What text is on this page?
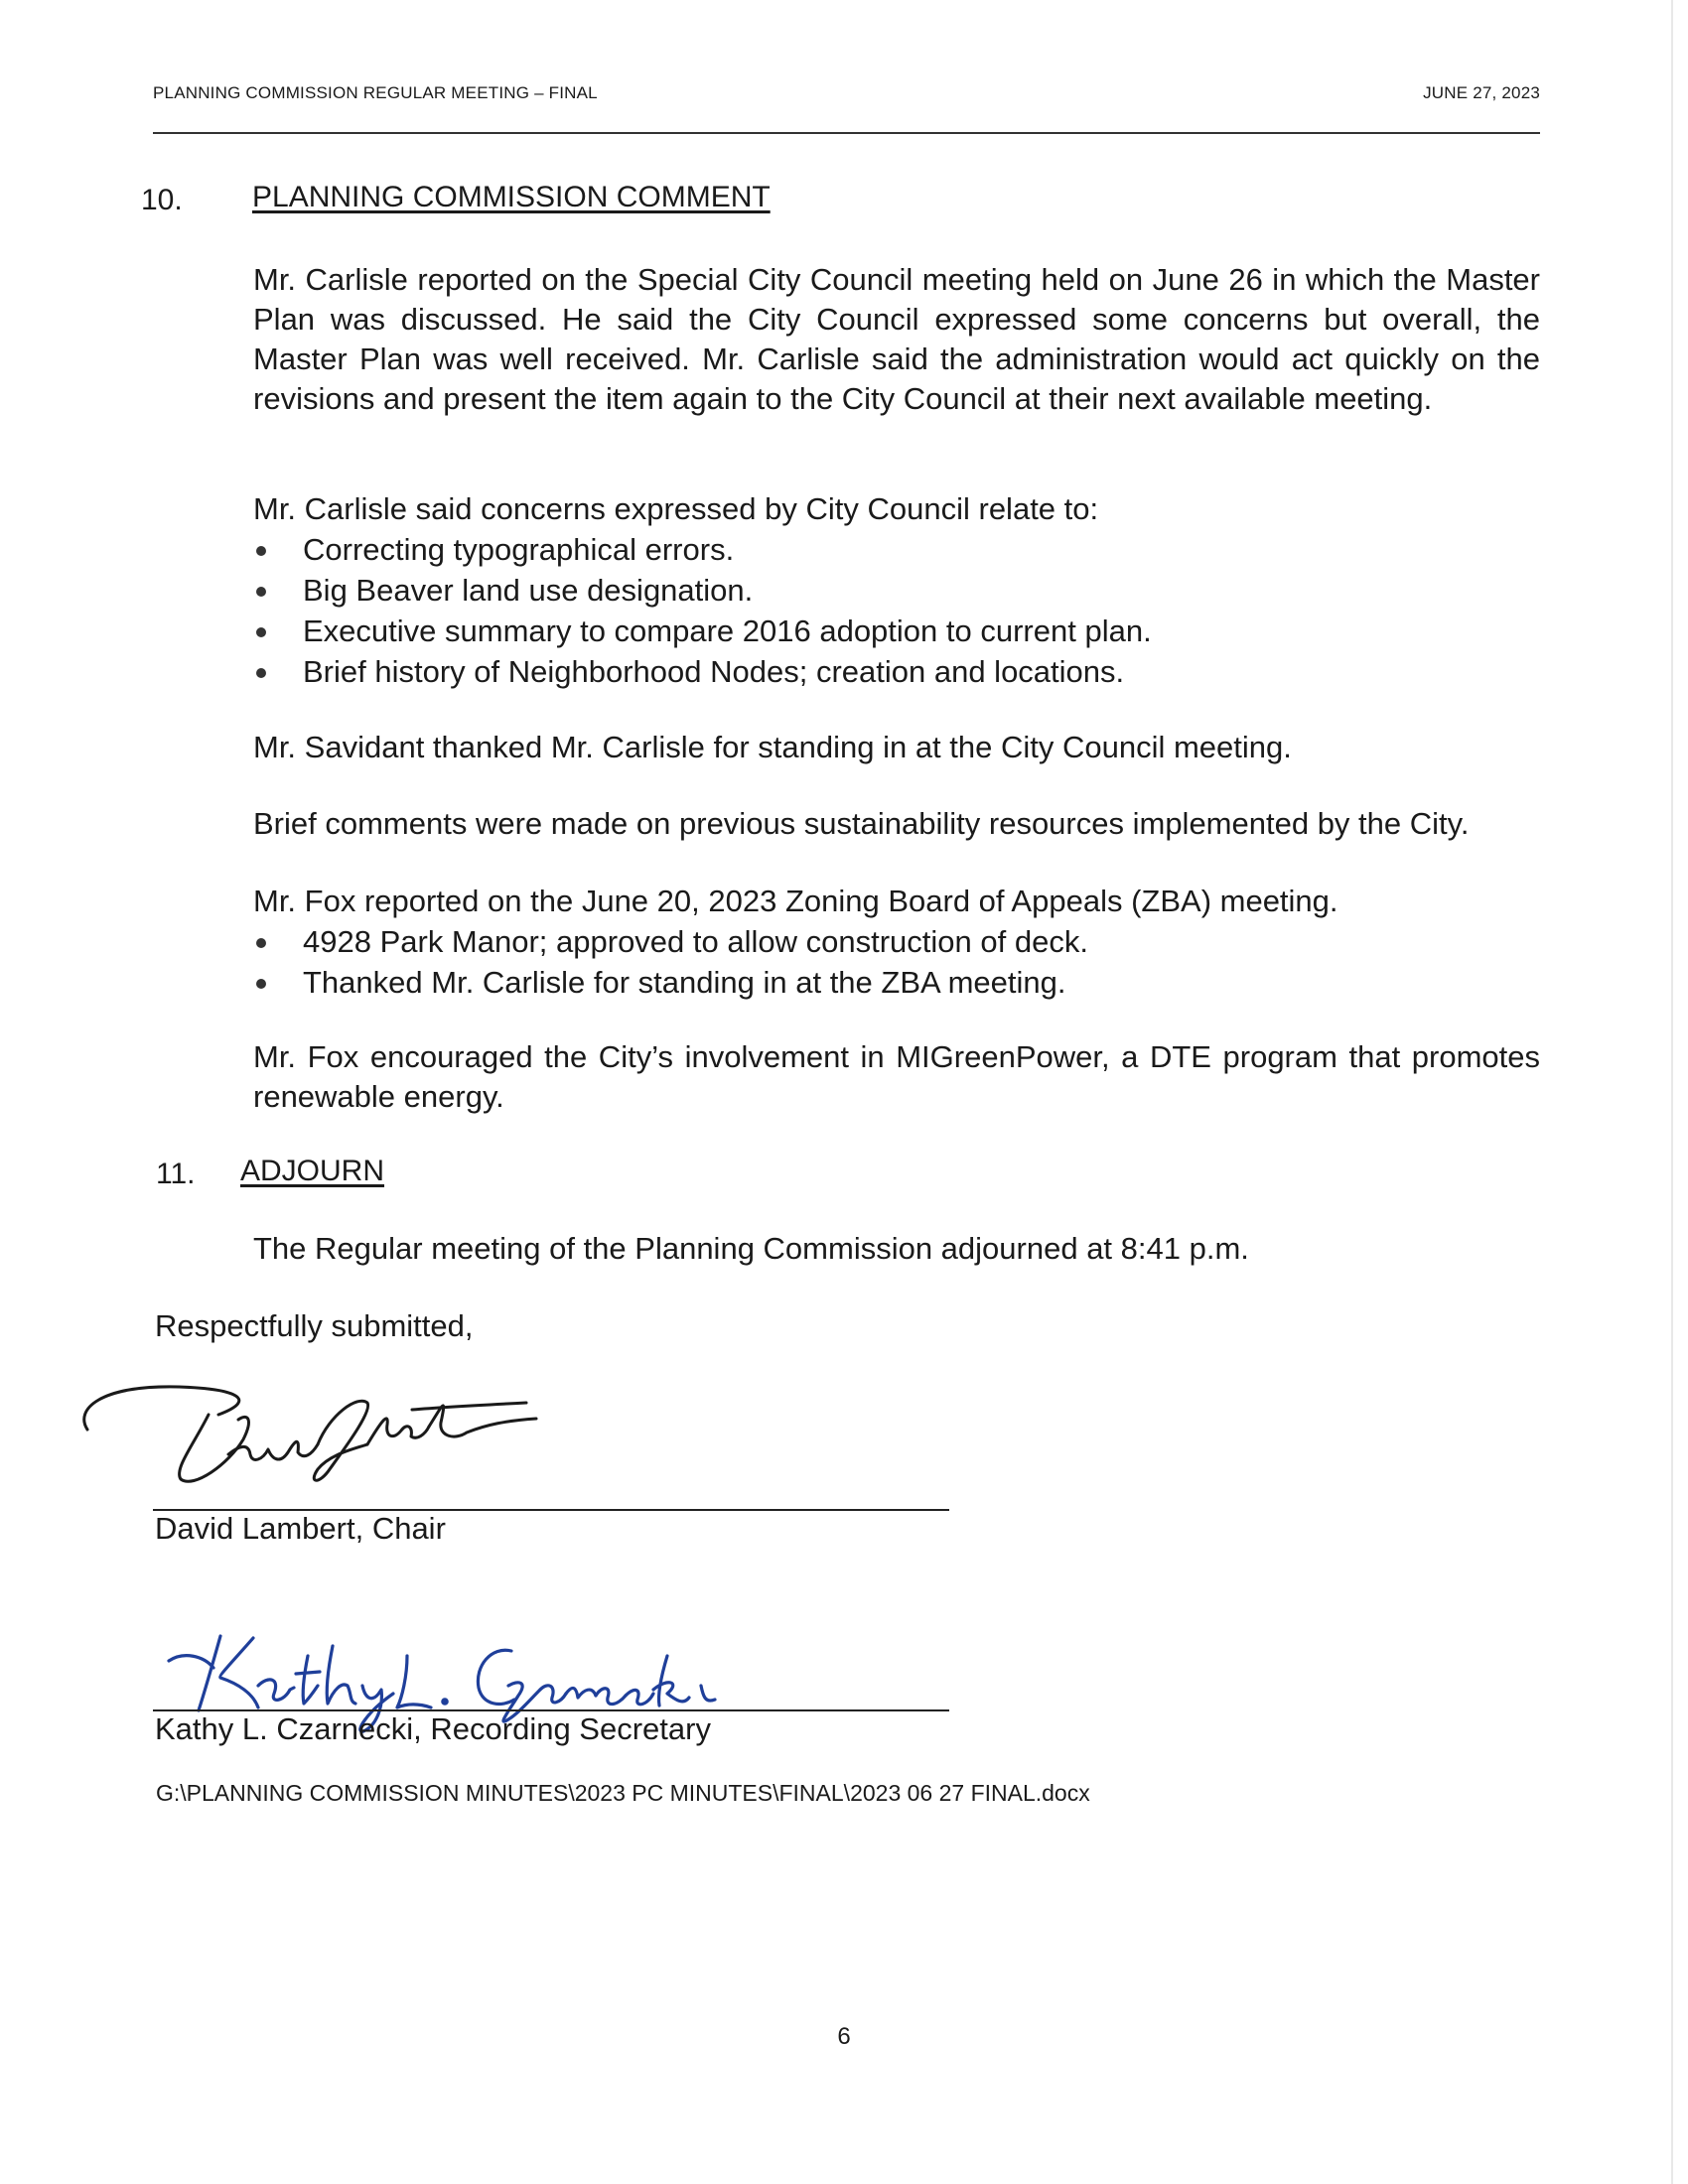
PLANNING COMMISSION REGULAR MEETING – FINAL	JUNE 27, 2023
10. PLANNING COMMISSION COMMENT
Mr. Carlisle reported on the Special City Council meeting held on June 26 in which the Master Plan was discussed. He said the City Council expressed some concerns but overall, the Master Plan was well received. Mr. Carlisle said the administration would act quickly on the revisions and present the item again to the City Council at their next available meeting.
Mr. Carlisle said concerns expressed by City Council relate to:
Correcting typographical errors.
Big Beaver land use designation.
Executive summary to compare 2016 adoption to current plan.
Brief history of Neighborhood Nodes; creation and locations.
Mr. Savidant thanked Mr. Carlisle for standing in at the City Council meeting.
Brief comments were made on previous sustainability resources implemented by the City.
Mr. Fox reported on the June 20, 2023 Zoning Board of Appeals (ZBA) meeting.
4928 Park Manor; approved to allow construction of deck.
Thanked Mr. Carlisle for standing in at the ZBA meeting.
Mr. Fox encouraged the City’s involvement in MIGreenPower, a DTE program that promotes renewable energy.
11. ADJOURN
The Regular meeting of the Planning Commission adjourned at 8:41 p.m.
Respectfully submitted,
David Lambert, Chair
Kathy L. Czarnecki, Recording Secretary
G:\PLANNING COMMISSION MINUTES\2023 PC MINUTES\FINAL\2023 06 27 FINAL.docx
6
